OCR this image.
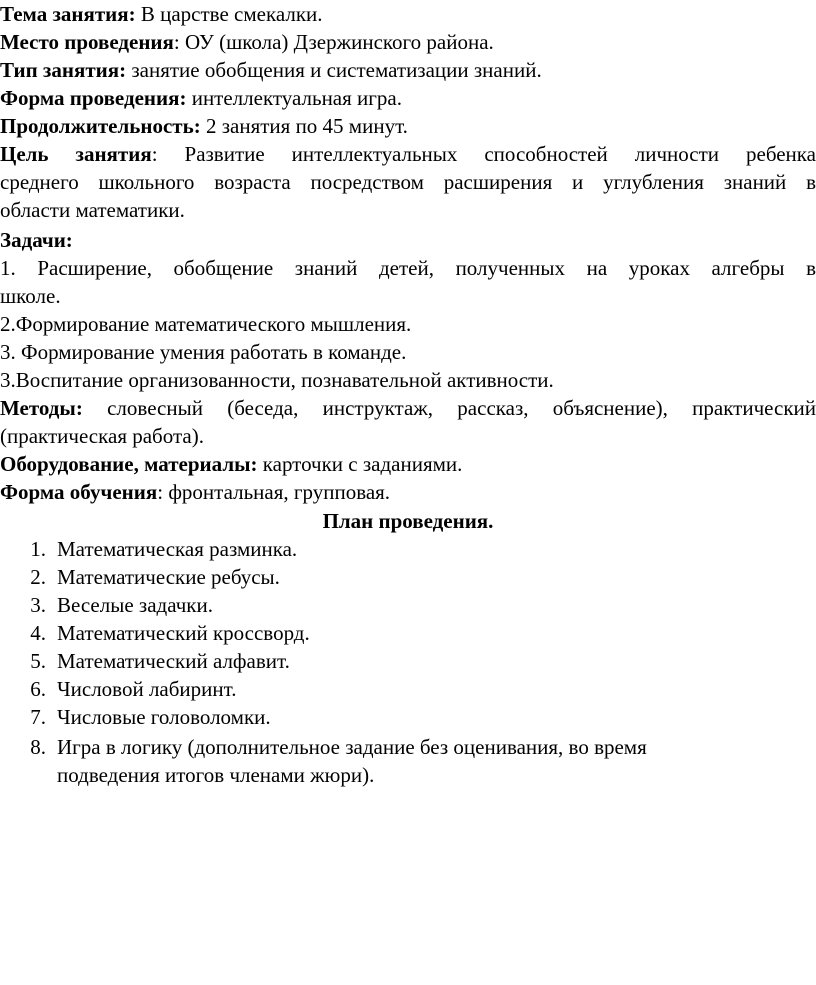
Тема занятия: В царстве смекалки.
Место проведения: ОУ (школа) Дзержинского района.
Тип занятия: занятие обобщения и систематизации знаний.
Форма проведения: интеллектуальная игра.
Продолжительность: 2 занятия по 45 минут.
Цель занятия: Развитие интеллектуальных способностей личности ребенка
среднего школьного возраста посредством расширения и углубления знаний в
области математики.
Задачи:
1. Расширение, обобщение знаний детей, полученных на уроках алгебры в
школе.
2.Формирование математического мышления.
3. Формирование умения работать в команде.
3.Воспитание организованности, познавательной активности.
Методы: словесный (беседа, инструктаж, рассказ, объяснение), практический
(практическая работа).
Оборудование, материалы: карточки с заданиями.
Форма обучения: фронтальная, групповая.
План проведения.
1. Математическая разминка.
2. Математические ребусы.
3. Веселые задачки.
4. Математический кроссворд.
5. Математический алфавит.
6. Числовой лабиринт.
7. Числовые головоломки.
8. Игра в логику (дополнительное задание без оценивания, во время
подведения итогов членами жюри).
